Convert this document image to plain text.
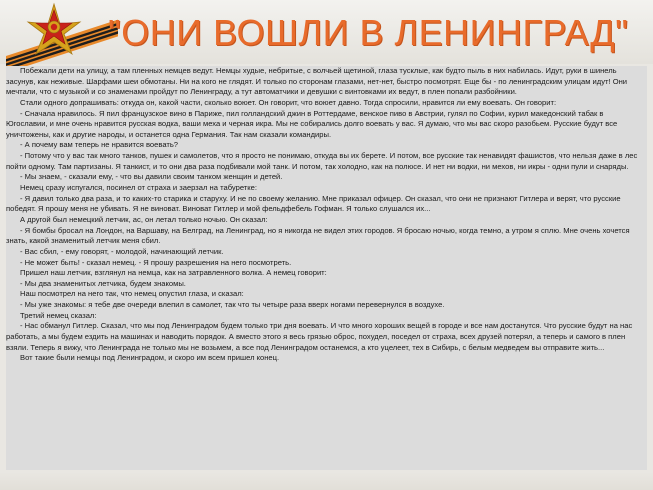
"ОНИ ВОШЛИ В ЛЕНИНГРАД"

Побежали дети на улицу, а там пленных немцев ведут. Немцы худые, небритые, с волчьей щетиной, глаза тусклые, как будто пыль в них набилась. Идут, руки в шинель засунув, как неживые. Шарфами шеи обмотаны. Ни на кого не глядят. И только по сторонам глазами, нет-нет, быстро посмотрят. Еще бы - по ленинградским улицам идут! Они мечтали, что с музыкой и со знаменами пройдут по Ленинграду, а тут автоматчики и девушки с винтовками их ведут, в плен попали разбойники.

Стали одного допрашивать: откуда он, какой части, сколько воюет. Он говорит, что воюет давно. Тогда спросили, нравится ли ему воевать. Он говорит:

- Сначала нравилось. Я пил французское вино в Париже, пил голландский джин в Роттердаме, венское пиво в Австрии, гулял по Софии, курил македонский табак в Югославии, и мне очень нравится русская водка, ваши меха и черная икра. Мы не собирались долго воевать у вас. Я думаю, что мы вас скоро разобьем. Русские будут все уничтожены, как и другие народы, и останется одна Германия. Так нам сказали командиры.

- А почему вам теперь не нравится воевать?

- Потому что у вас так много танков, пушек и самолетов, что я просто не понимаю, откуда вы их берете. И потом, все русские так ненавидят фашистов, что нельзя даже в лес пойти одному. Там партизаны. Я танкист, и то они два раза подбивали мой танк. И потом, так холодно, как на полюсе. И нет ни водки, ни мехов, ни икры - одни пули и снаряды.

- Мы знаем, - сказали ему, - что вы давили своим танком женщин и детей.

Немец сразу испугался, посинел от страха и заерзал на табуретке:

- Я давил только два раза, и то каких-то старика и старуху. И не по своему желанию. Мне приказал офицер. Он сказал, что они не признают Гитлера и верят, что русские победят. Я прошу меня не убивать. Я не виноват. Виноват Гитлер и мой фельдфебель Гофман. Я только слушался их...

А другой был немецкий летчик, ас, он летал только ночью. Он сказал:

- Я бомбы бросал на Лондон, на Варшаву, на Белград, на Ленинград, но я никогда не видел этих городов. Я бросаю ночью, когда темно, а утром я сплю. Мне очень хочется знать, какой знаменитый летчик меня сбил.

- Вас сбил, - ему говорят, - молодой, начинающий летчик.

- Не может быть! - сказал немец. - Я прошу разрешения на него посмотреть.

Пришел наш летчик, взглянул на немца, как на затравленного волка. А немец говорит:

- Мы два знаменитых летчика, будем знакомы.

Наш посмотрел на него так, что немец опустил глаза, и сказал:

- Мы уже знакомы: я тебе две очереди влепил в самолет, так что ты четыре раза вверх ногами перевернулся в воздухе.

Третий немец сказал:

- Нас обманул Гитлер. Сказал, что мы под Ленинградом будем только три дня воевать. И что много хороших вещей в городе и все нам достанутся. Что русские будут на нас работать, а мы будем ездить на машинах и наводить порядок. А вместо этого я весь грязью оброс, похудел, поседел от страха, всех друзей потерял, а теперь и самого в плен взяли. Теперь я вижу, что Ленинграда не только мы не возьмем, а все под Ленинградом останемся, а кто уцелеет, тех в Сибирь, с белым медведем вы отправите жить...

Вот такие были немцы под Ленинградом, и скоро им всем пришел конец.
